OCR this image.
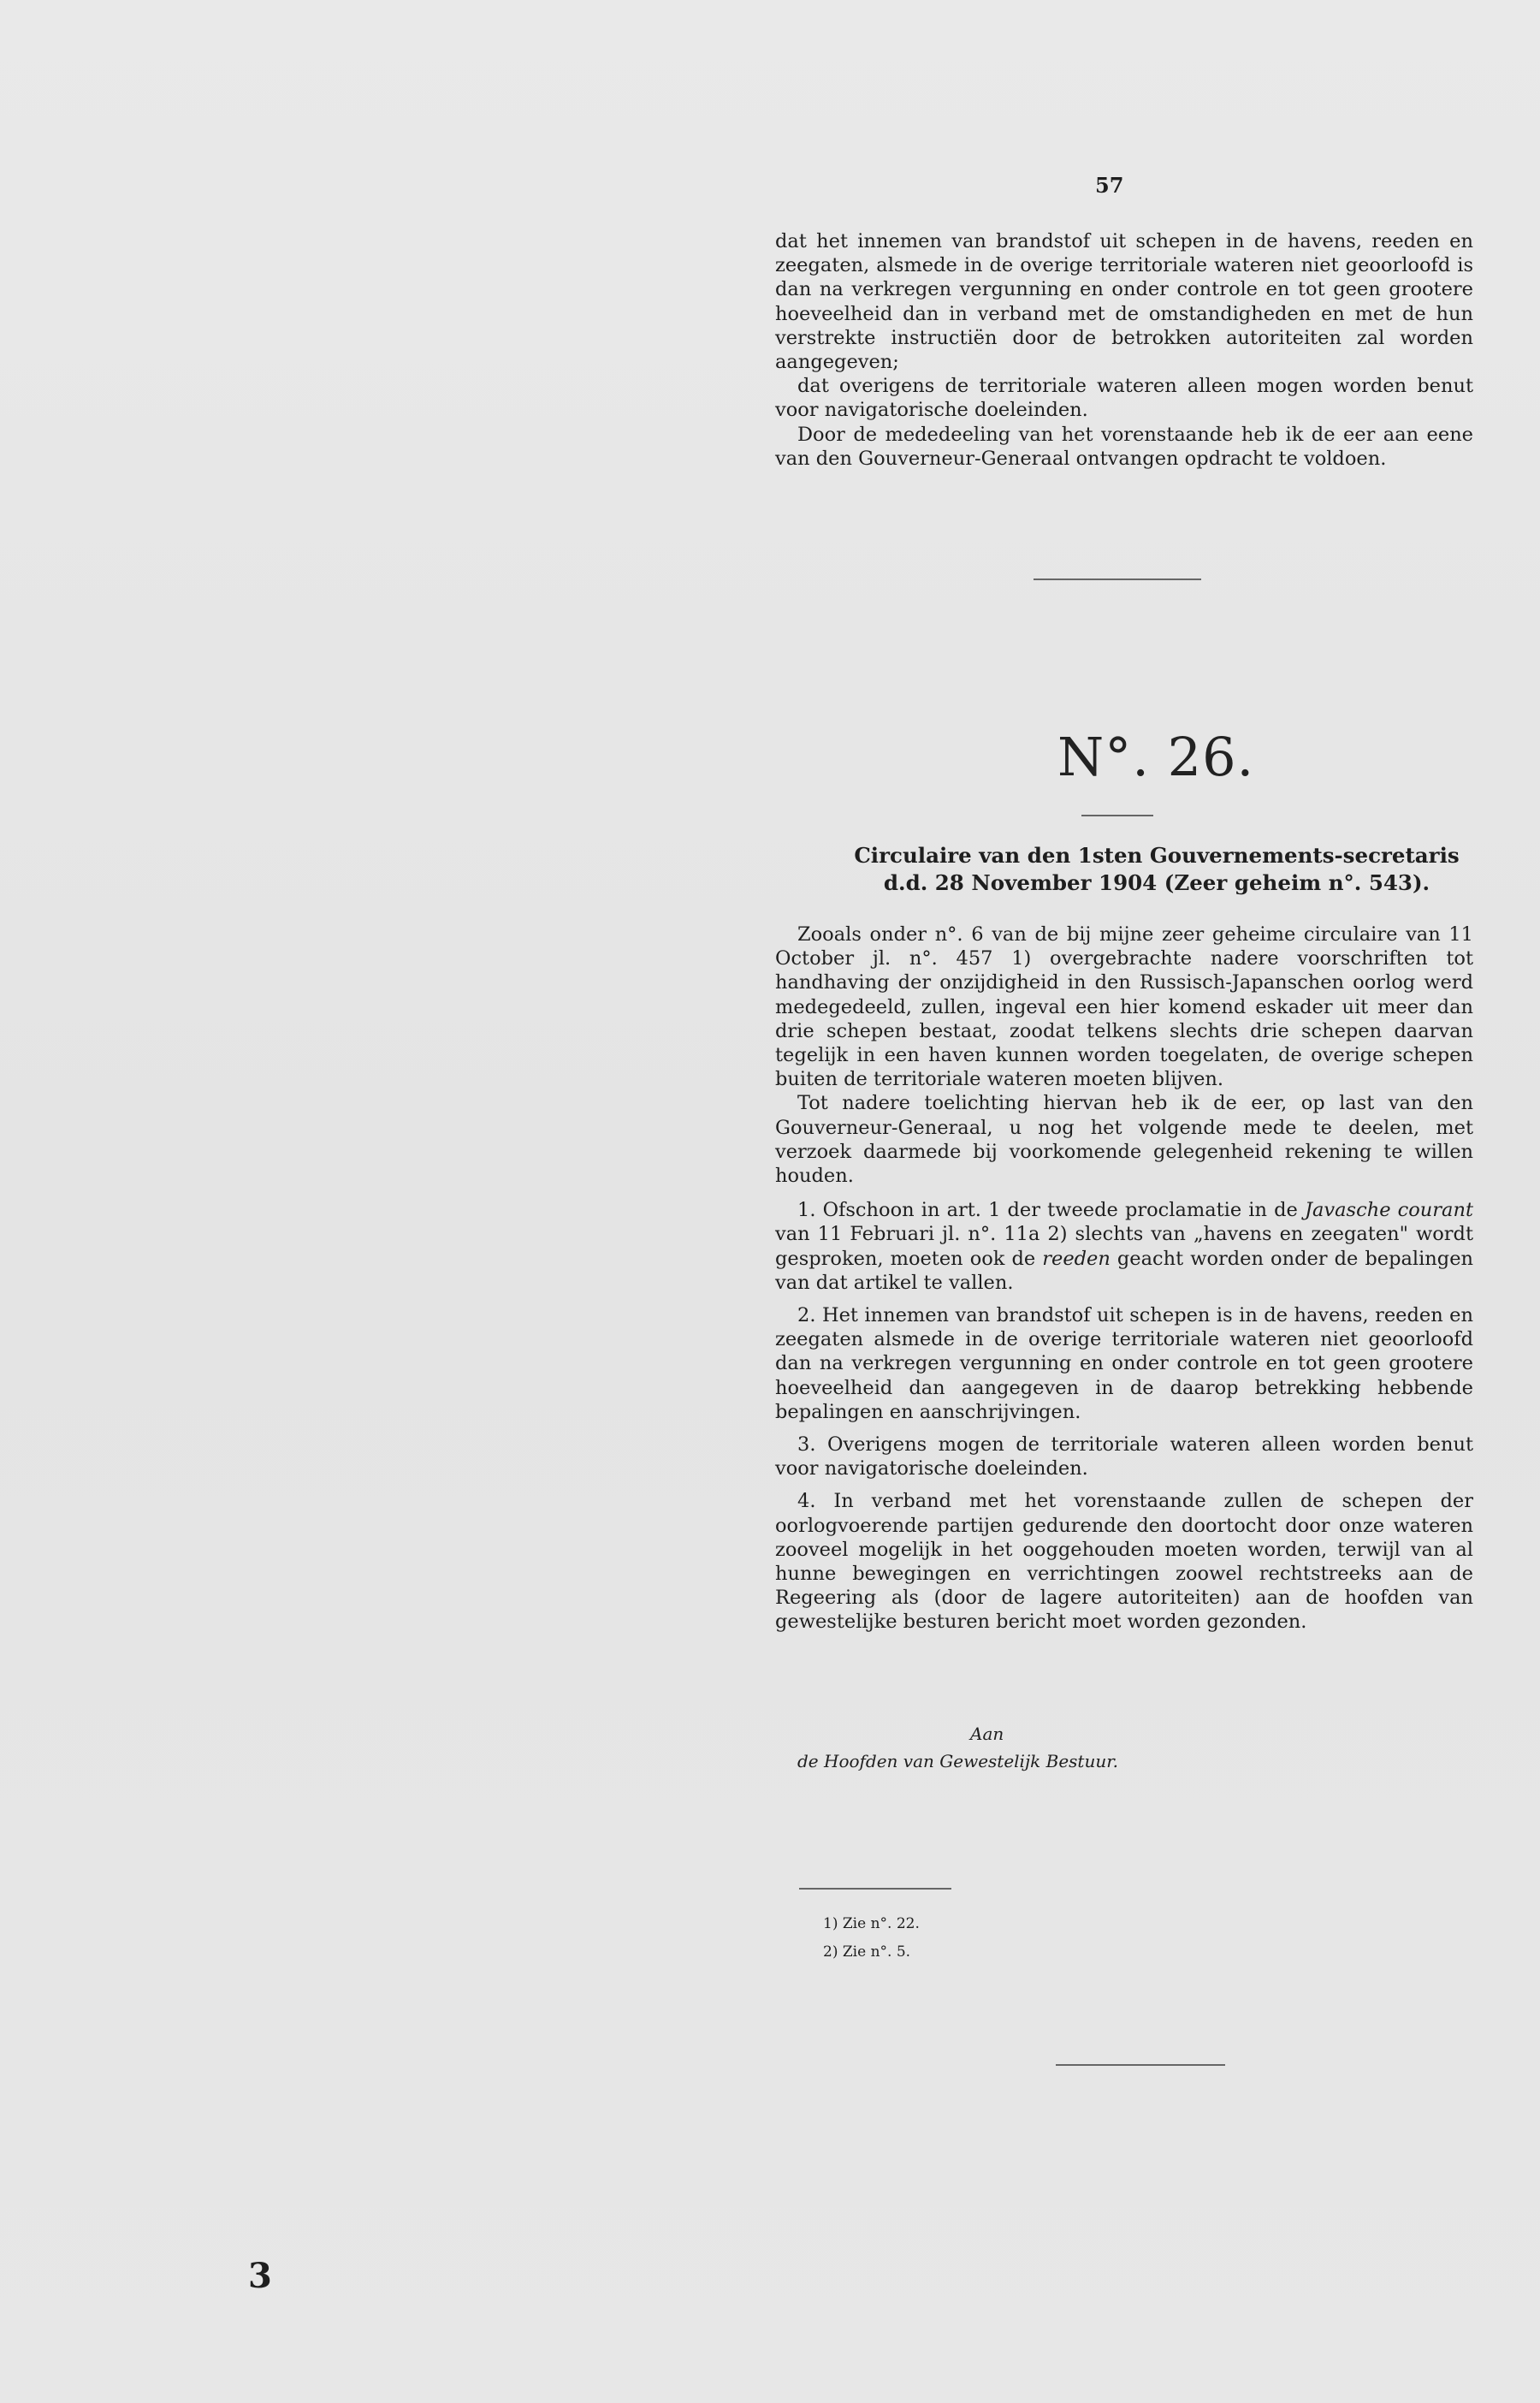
57

dat het innemen van brandstof uit schepen in de havens, reeden en zeegaten, alsmede in de overige territoriale wateren niet geoorloofd is dan na verkregen vergunning en onder controle en tot geen grootere hoeveelheid dan in verband met de omstandigheden en met de hun verstrekte instructiën door de betrokken autoriteiten zal worden aangegeven;

dat overigens de territoriale wateren alleen mogen worden benut voor navigatorische doeleinden.

Door de mededeeling van het vorenstaande heb ik de eer aan eene van den Gouverneur-Generaal ontvangen opdracht te voldoen.

N°. 26.
Circulaire van den 1sten Gouvernements-secretaris
d.d. 28 November 1904 (Zeer geheim n°. 543).

Zooals onder n°. 6 van de bij mijne zeer geheime circulaire van 11 October jl. n°. 457 1) overgebrachte nadere voorschriften tot handhaving der onzijdigheid in den Russisch-Japanschen oorlog werd medegedeeld, zullen, ingeval een hier komend eskader uit meer dan drie schepen bestaat, zoodat telkens slechts drie schepen daarvan tegelijk in een haven kunnen worden toegelaten, de overige schepen buiten de territoriale wateren moeten blijven.

Tot nadere toelichting hiervan heb ik de eer, op last van den Gouverneur-Generaal, u nog het volgende mede te deelen, met verzoek daarmede bij voorkomende gelegenheid rekening te willen houden.

1. Ofschoon in art. 1 der tweede proclamatie in de Javasche courant van 11 Februari jl. n°. 11a 2) slechts van „havens en zeegaten" wordt gesproken, moeten ook de reeden geacht worden onder de bepalingen van dat artikel te vallen.

2. Het innemen van brandstof uit schepen is in de havens, reeden en zeegaten alsmede in de overige territoriale wateren niet geoorloofd dan na verkregen vergunning en onder controle en tot geen grootere hoeveelheid dan aangegeven in de daarop betrekking hebbende bepalingen en aanschrijvingen.

3. Overigens mogen de territoriale wateren alleen worden benut voor navigatorische doeleinden.

4. In verband met het vorenstaande zullen de schepen der oorlogvoerende partijen gedurende den doortocht door onze wateren zooveel mogelijk in het ooggehouden moeten worden, terwijl van al hunne bewegingen en verrichtingen zoowel rechtstreeks aan de Regeering als (door de lagere autoriteiten) aan de hoofden van gewestelijke besturen bericht moet worden gezonden.

Aan
de Hoofden van Gewestelijk Bestuur.
1) Zie n°. 22.
2) Zie n°. 5.
3
